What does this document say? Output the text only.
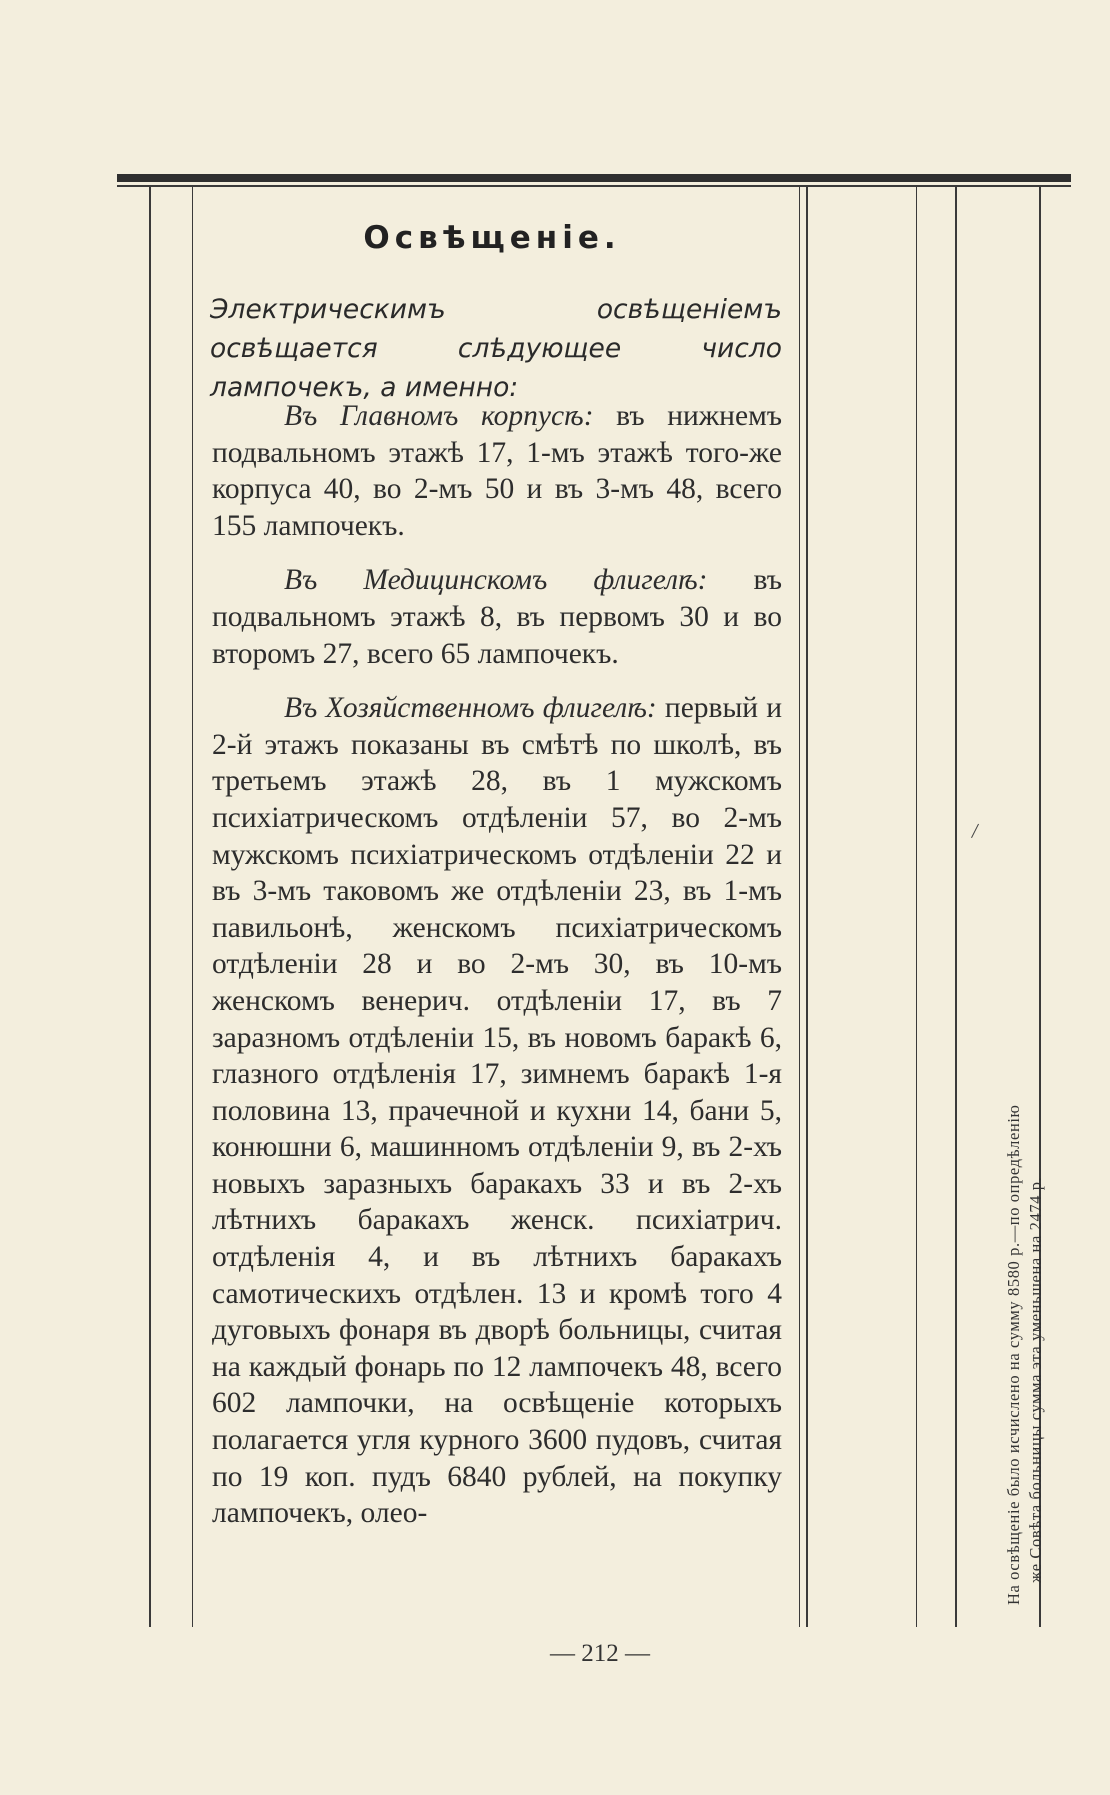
Освѣщеніе.
Электрическимъ освѣщеніемъ освѣщается слѣдующее число лампочекъ, а именно:

Въ Главномъ корпусѣ: въ нижнемъ подвальномъ этажѣ 17, 1-мъ этажѣ того-же корпуса 40, во 2-мъ 50 и въ 3-мъ 48, всего 155 лампочекъ.

Въ Медицинскомъ флигелѣ: въ подвальномъ этажѣ 8, въ первомъ 30 и во второмъ 27, всего 65 лампочекъ.

Въ Хозяйственномъ флигелѣ: первый и 2-й этажъ показаны въ смѣтѣ по школѣ, въ третьемъ этажѣ 28, въ 1 мужскомъ психіатрическомъ отдѣленіи 57, во 2-мъ мужскомъ психіатрическомъ отдѣленіи 22 и въ 3-мъ таковомъ же отдѣленіи 23, въ 1-мъ павильонѣ, женскомъ психіатрическомъ отдѣленіи 28 и во 2-мъ 30, въ 10-мъ женскомъ венерич. отдѣленіи 17, въ 7 заразномъ отдѣленіи 15, въ новомъ баракѣ 6, глазного отдѣленія 17, зимнемъ баракѣ 1-я половина 13, прачечной и кухни 14, бани 5, конюшни 6, машинномъ отдѣленіи 9, въ 2-хъ новыхъ заразныхъ баракахъ 33 и въ 2-хъ лѣтнихъ баракахъ женск. психіатрич. отдѣленія 4, и въ лѣтнихъ баракахъ самотическихъ отдѣлен. 13 и кромѣ того 4 дуговыхъ фонаря въ дворѣ больницы, считая на каждый фонарь по 12 лампочекъ 48, всего 602 лампочки, на освѣщеніе которыхъ полагается угля курного 3600 пудовъ, считая по 19 коп. пудъ 6840 рублей, на покупку лампочекъ, олео-

/
На освѣщеніе было исчислено на сумму 8580 р.—по опредѣленію же Совѣта больницы сумма эта уменьшена на 2474 р.
— 212 —
